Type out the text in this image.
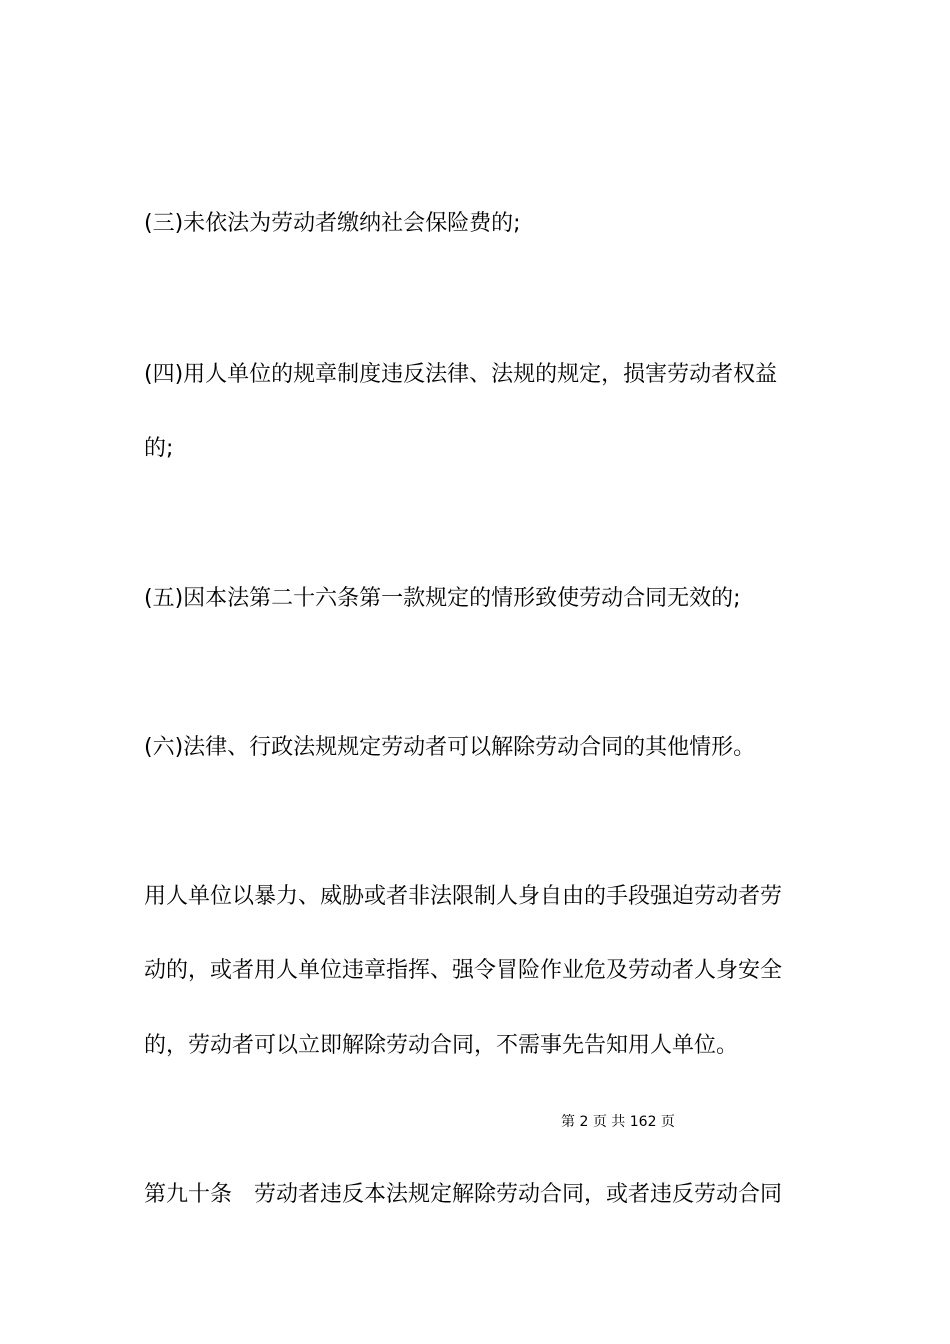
(三)未依法为劳动者缴纳社会保险费的;
(四)用人单位的规章制度违反法律、法规的规定，损害劳动者权益
的;
(五)因本法第二十六条第一款规定的情形致使劳动合同无效的;
(六)法律、行政法规规定劳动者可以解除劳动合同的其他情形。
用人单位以暴力、威胁或者非法限制人身自由的手段强迫劳动者劳
动的，或者用人单位违章指挥、强令冒险作业危及劳动者人身安全
的，劳动者可以立即解除劳动合同，不需事先告知用人单位。
第 2 页 共 162 页
第九十条　劳动者违反本法规定解除劳动合同，或者违反劳动合同
